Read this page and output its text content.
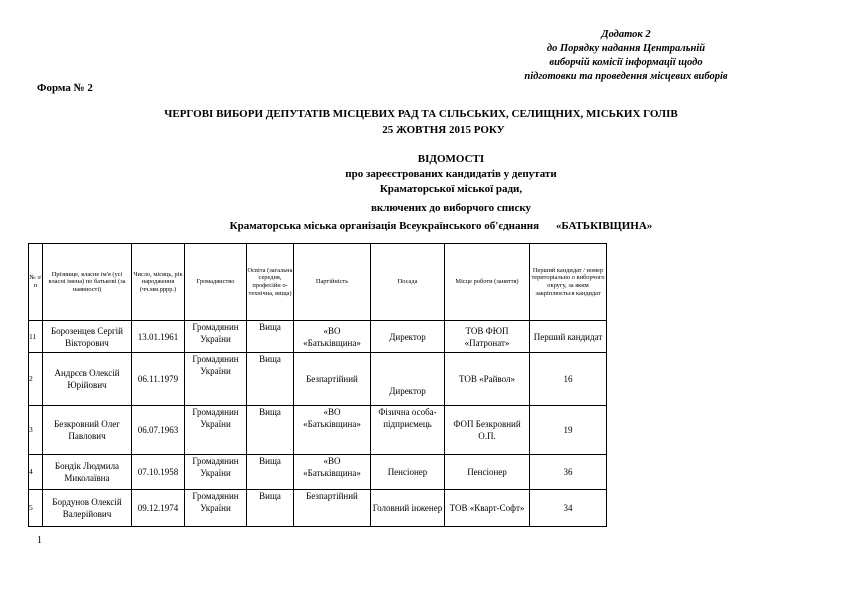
Додаток 2
до Порядку надання Центральній
виборчій комісії інформації щодо
підготовки та проведення місцевих виборів
Форма № 2
ЧЕРГОВІ ВИБОРИ ДЕПУТАТІВ МІСЦЕВИХ РАД ТА СІЛЬСЬКИХ, СЕЛИЩНИХ, МІСЬКИХ ГОЛІВ
25 ЖОВТНЯ 2015 РОКУ
ВІДОМОСТІ
про зареєстрованих кандидатів у депутати
Краматорської міської ради,
включених до виборчого списку
Краматорська міська організація Всеукраїнського об'єднання «БАТЬКІВЩИНА»
№ з/п	Прізвище, власне ім'я (усі власні імена) по батькові (за наявності)	Число, місяць, рік народження (чч.мм.рррр.)	Громадянство	Освіта (загальна середня, професійн о-технічна, вища)	Партійність	Посада	Місце роботи (заняття)	Перший кандидат / номер територіально о виборчого округу, за яким закріплюється кандидат
11	Борозенцев Сергій Вікторович	13.01.1961	Громадянин України	Вища	«ВО «Батьківщина»	Директор	ТОВ ФЮП «Патронат»	Перший кандидат
2	Андрєєв Олексій Юрійович	06.11.1979	Громадянин України	Вища	Безпартійний	Директор	ТОВ «Райвол»	16
3	Безкровний Олег Павлович	06.07.1963	Громадянин України	Вища	«ВО «Батьківщина»	Фізична особа-підприємець	ФОП Безкровний О.П.	19
4	Бондік Людмила Миколаївна	07.10.1958	Громадянин України	Вища	«ВО «Батьківщина»	Пенсіонер	Пенсіонер	36
5	Бордунов Олексій Валерійович	09.12.1974	Громадянин України	Вища	Безпартійний	Головний інженер	ТОВ «Кварт-Софт»	34
1
